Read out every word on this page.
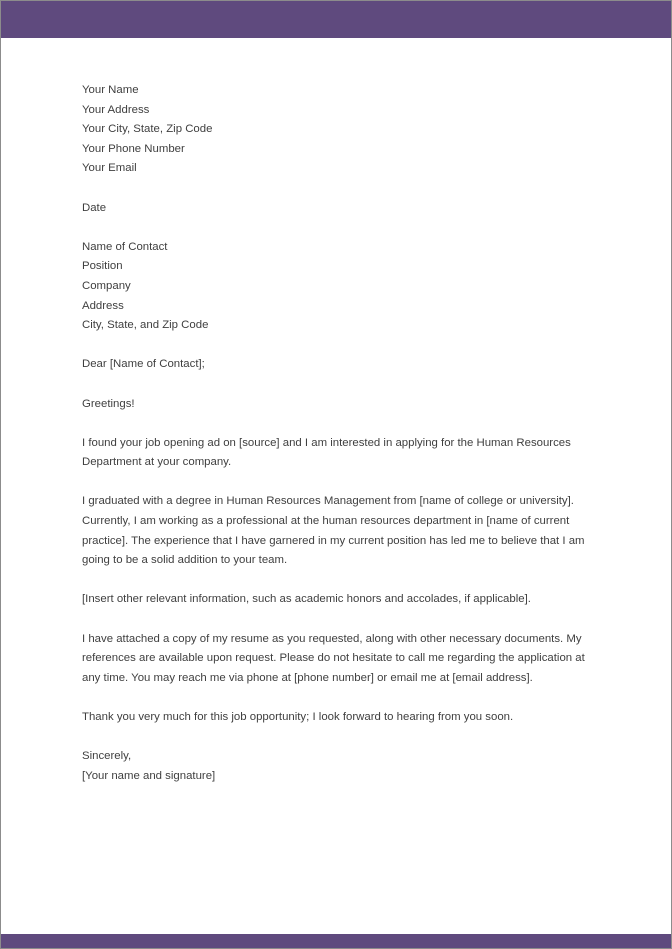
Your Name
Your Address
Your City, State, Zip Code
Your Phone Number
Your Email
Date
Name of Contact
Position
Company
Address
City, State, and Zip Code
Dear [Name of Contact];
Greetings!
I found your job opening ad on [source] and I am interested in applying for the Human Resources
Department at your company.
I graduated with a degree in Human Resources Management from [name of college or university].
Currently, I am working as a professional at the human resources department in [name of current
practice]. The experience that I have garnered in my current position has led me to believe that I am
going to be a solid addition to your team.
[Insert other relevant information, such as academic honors and accolades, if applicable].
I have attached a copy of my resume as you requested, along with other necessary documents. My
references are available upon request. Please do not hesitate to call me regarding the application at
any time. You may reach me via phone at [phone number] or email me at [email address].
Thank you very much for this job opportunity; I look forward to hearing from you soon.
Sincerely,
[Your name and signature]
